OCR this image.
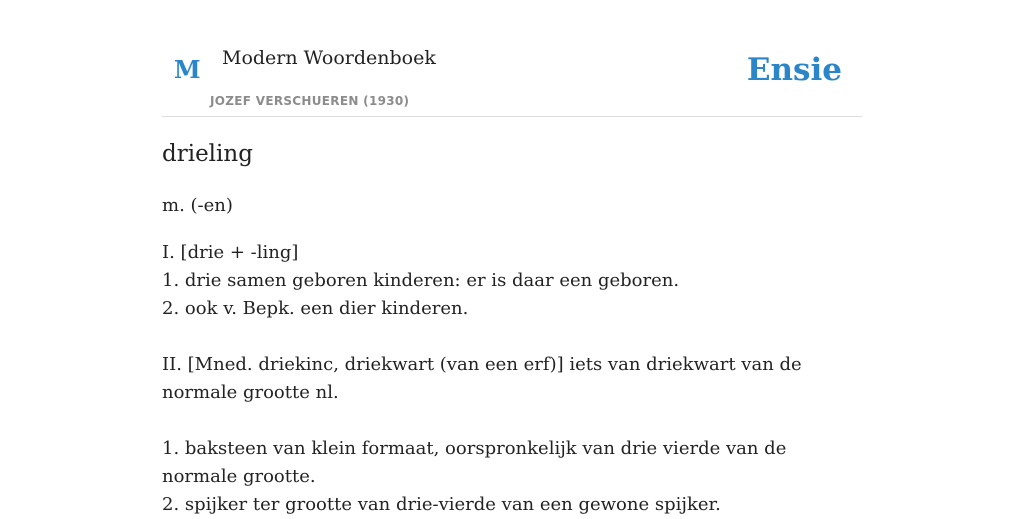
M Modern Woordenboek
JOZEF VERSCHUEREN (1930)
Ensie
drieling
m. (-en)
I. [drie + -ling]
1. drie samen geboren kinderen: er is daar een geboren.
2. ook v. Bepk. een dier kinderen.
II. [Mned. driekinc, driekwart (van een erf)] iets van driekwart van de normale grootte nl.
1. baksteen van klein formaat, oorspronkelijk van drie vierde van de normale grootte.
2. spijker ter grootte van drie-vierde van een gewone spijker.
